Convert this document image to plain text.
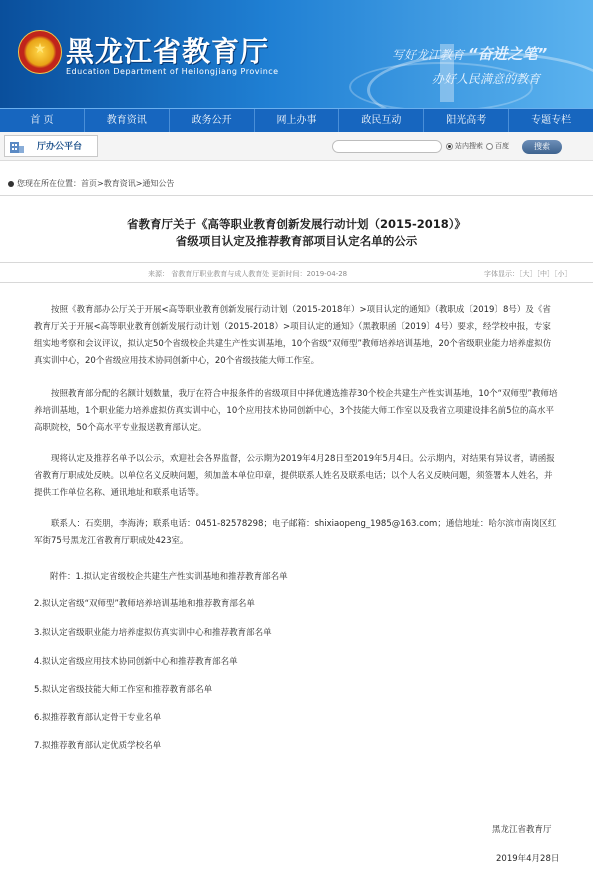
★ 黑龙江省教育厅
Education Department of Heilongjiang Province
写好龙江教育 “奋进之笔”
办好人民满意的教育
首 页	教育资讯	政务公开	网上办事	政民互动	阳光高考	专题专栏
厅办公平台	站内搜索 百度	搜索
您现在所在位置：首页>教育资讯>通知公告
省教育厅关于《高等职业教育创新发展行动计划（2015-2018）》
省级项目认定及推荐教育部项目认定名单的公示
来源： 省教育厅职业教育与成人教育处 更新时间：2019-04-28	字体显示：［大］［中］［小］
按照《教育部办公厅关于开展<高等职业教育创新发展行动计划（2015-2018年）>项目认定的通知》（教职成〔2019〕8号）及《省教育厅关于开展<高等职业教育创新发展行动计划（2015-2018）>项目认定的通知》（黑教职函〔2019〕4号）要求，经学校申报，专家组实地考察和会议评议，拟认定50个省级校企共建生产性实训基地，10个省级“双师型”教师培养培训基地，20个省级职业能力培养虚拟仿真实训中心，20个省级应用技术协同创新中心，20个省级技能大师工作室。
按照教育部分配的名额计划数量，我厅在符合申报条件的省级项目中择优遴选推荐30个校企共建生产性实训基地，10个“双师型”教师培养培训基地，1个职业能力培养虚拟仿真实训中心，10个应用技术协同创新中心，3个技能大师工作室以及我省立项建设排名前5位的高水平高职院校，50个高水平专业报送教育部认定。
现将认定及推荐名单予以公示，欢迎社会各界监督，公示期为2019年4月28日至2019年5月4日。公示期内，对结果有异议者，请函报省教育厅职成处反映。以单位名义反映问题，须加盖本单位印章，提供联系人姓名及联系电话；以个人名义反映问题，须签署本人姓名，并提供工作单位名称、通讯地址和联系电话等。
联系人：石奕朋，李海涛；联系电话：0451-82578298；电子邮箱：shixiaopeng_1985@163.com；通信地址：哈尔滨市南岗区红军街75号黑龙江省教育厅职成处423室。
附件：1.拟认定省级校企共建生产性实训基地和推荐教育部名单
2.拟认定省级“双师型”教师培养培训基地和推荐教育部名单
3.拟认定省级职业能力培养虚拟仿真实训中心和推荐教育部名单
4.拟认定省级应用技术协同创新中心和推荐教育部名单
5.拟认定省级技能大师工作室和推荐教育部名单
6.拟推荐教育部认定骨干专业名单
7.拟推荐教育部认定优质学校名单
黑龙江省教育厅
2019年4月28日
